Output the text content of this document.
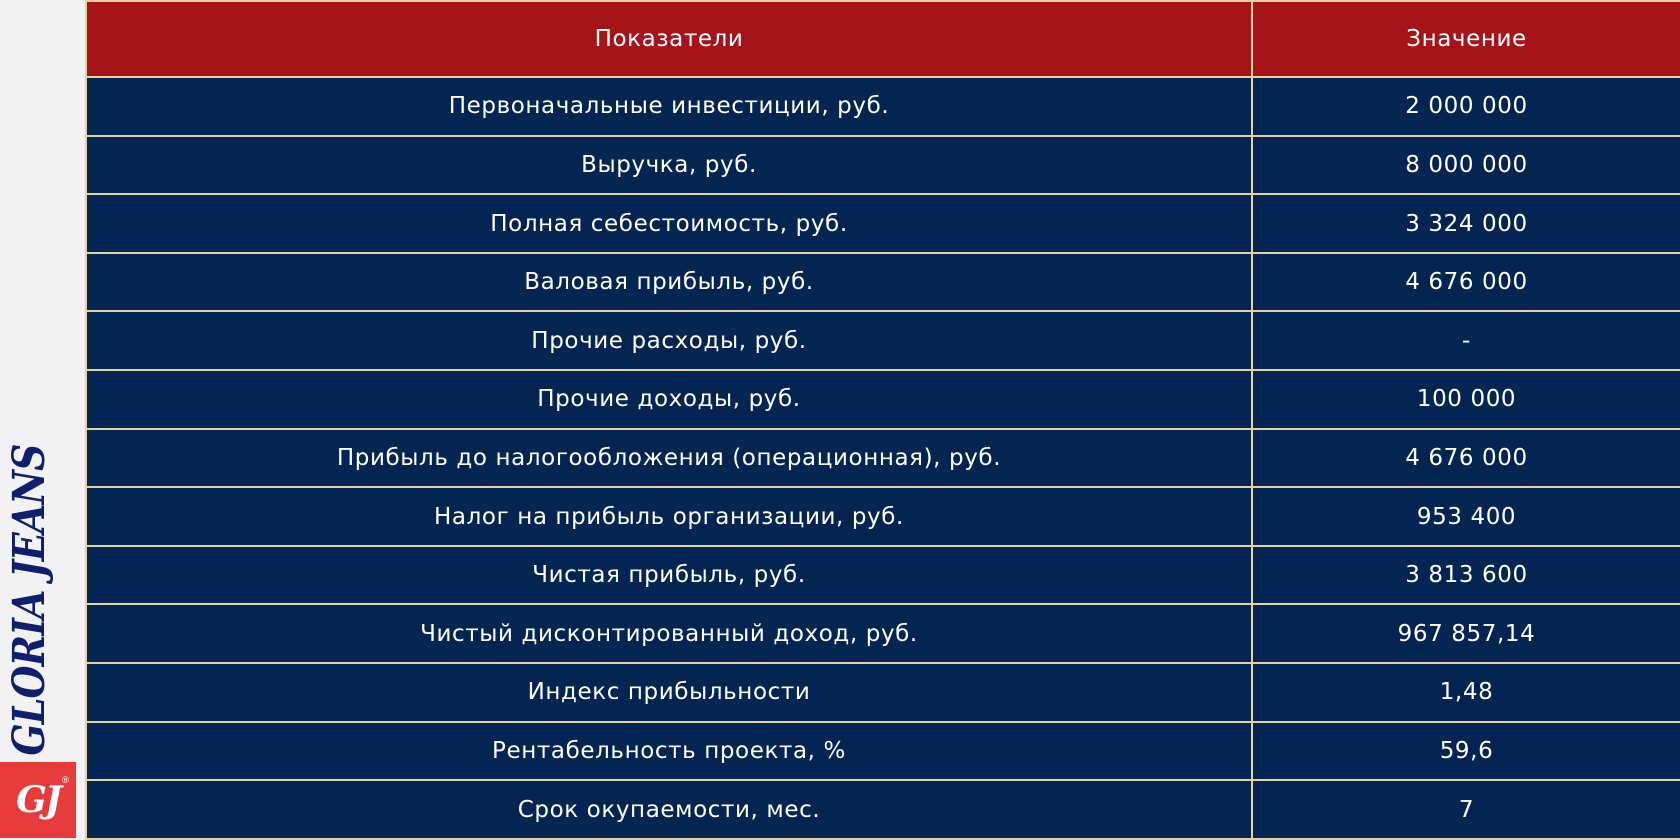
GLORIA JEANS
GJ ®
Показатели	Значение
Первоначальные инвестиции, руб.	2 000 000
Выручка, руб.	8 000 000
Полная себестоимость, руб.	3 324 000
Валовая прибыль, руб.	4 676 000
Прочие расходы, руб.	-
Прочие доходы, руб.	100 000
Прибыль до налогообложения (операционная), руб.	4 676 000
Налог на прибыль организации, руб.	953 400
Чистая прибыль, руб.	3 813 600
Чистый дисконтированный доход, руб.	967 857,14
Индекс прибыльности	1,48
Рентабельность проекта, %	59,6
Срок окупаемости, мес.	7
